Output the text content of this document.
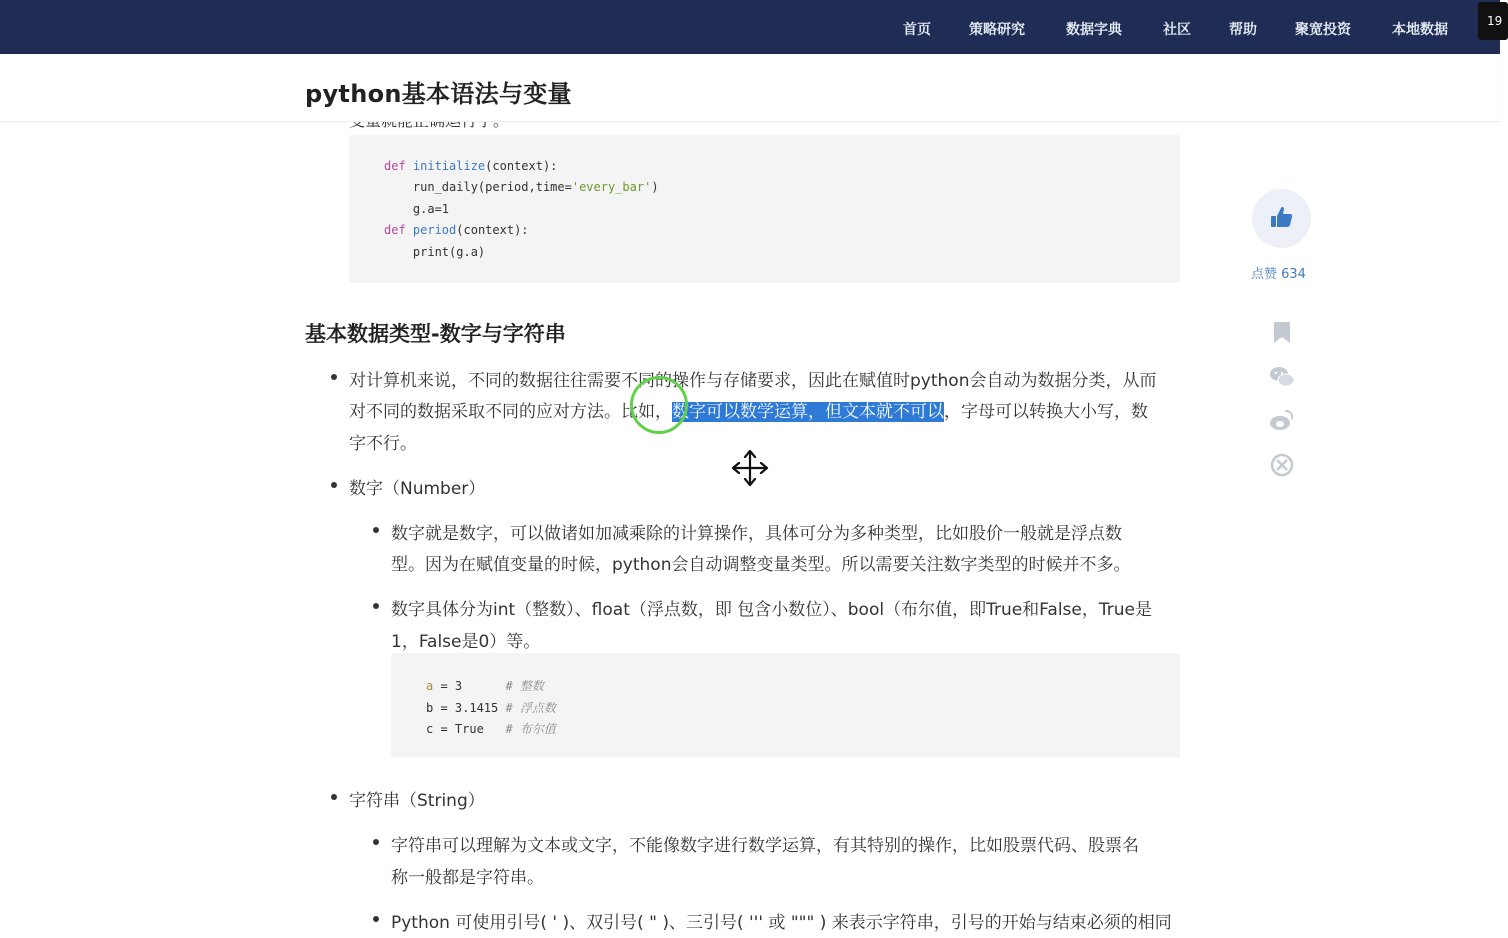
首页	策略研究	数据字典	社区	帮助	聚宽投资	本地数据
19
python基本语法与变量
def initialize(context):
run_daily(period,time='every_bar')
g.a=1
def period(context):
print(g.a)
基本数据类型-数字与字符串
对计算机来说，不同的数据往往需要不同的操作与存储要求，因此在赋值时python会自动为数据分类，从而
对不同的数据采取不同的应对方法。比如，数字可以数学运算，但文本就不可以，字母可以转换大小写，数
字不行。
数字（Number）
数字就是数字，可以做诸如加减乘除的计算操作，具体可分为多种类型，比如股价一般就是浮点数
型。因为在赋值变量的时候，python会自动调整变量类型。所以需要关注数字类型的时候并不多。
数字具体分为int（整数）、float（浮点数，即 包含小数位）、bool（布尔值，即True和False，True是
1，False是0）等。
a = 3      # 整数
b = 3.1415 # 浮点数
c = True   # 布尔值
字符串（String）
字符串可以理解为文本或文字，不能像数字进行数学运算，有其特别的操作，比如股票代码、股票名
称一般都是字符串。
Python 可使用引号( ' )、双引号( " )、三引号( ''' 或 """ ) 来表示字符串，引号的开始与结束必须的相同
点赞 634
